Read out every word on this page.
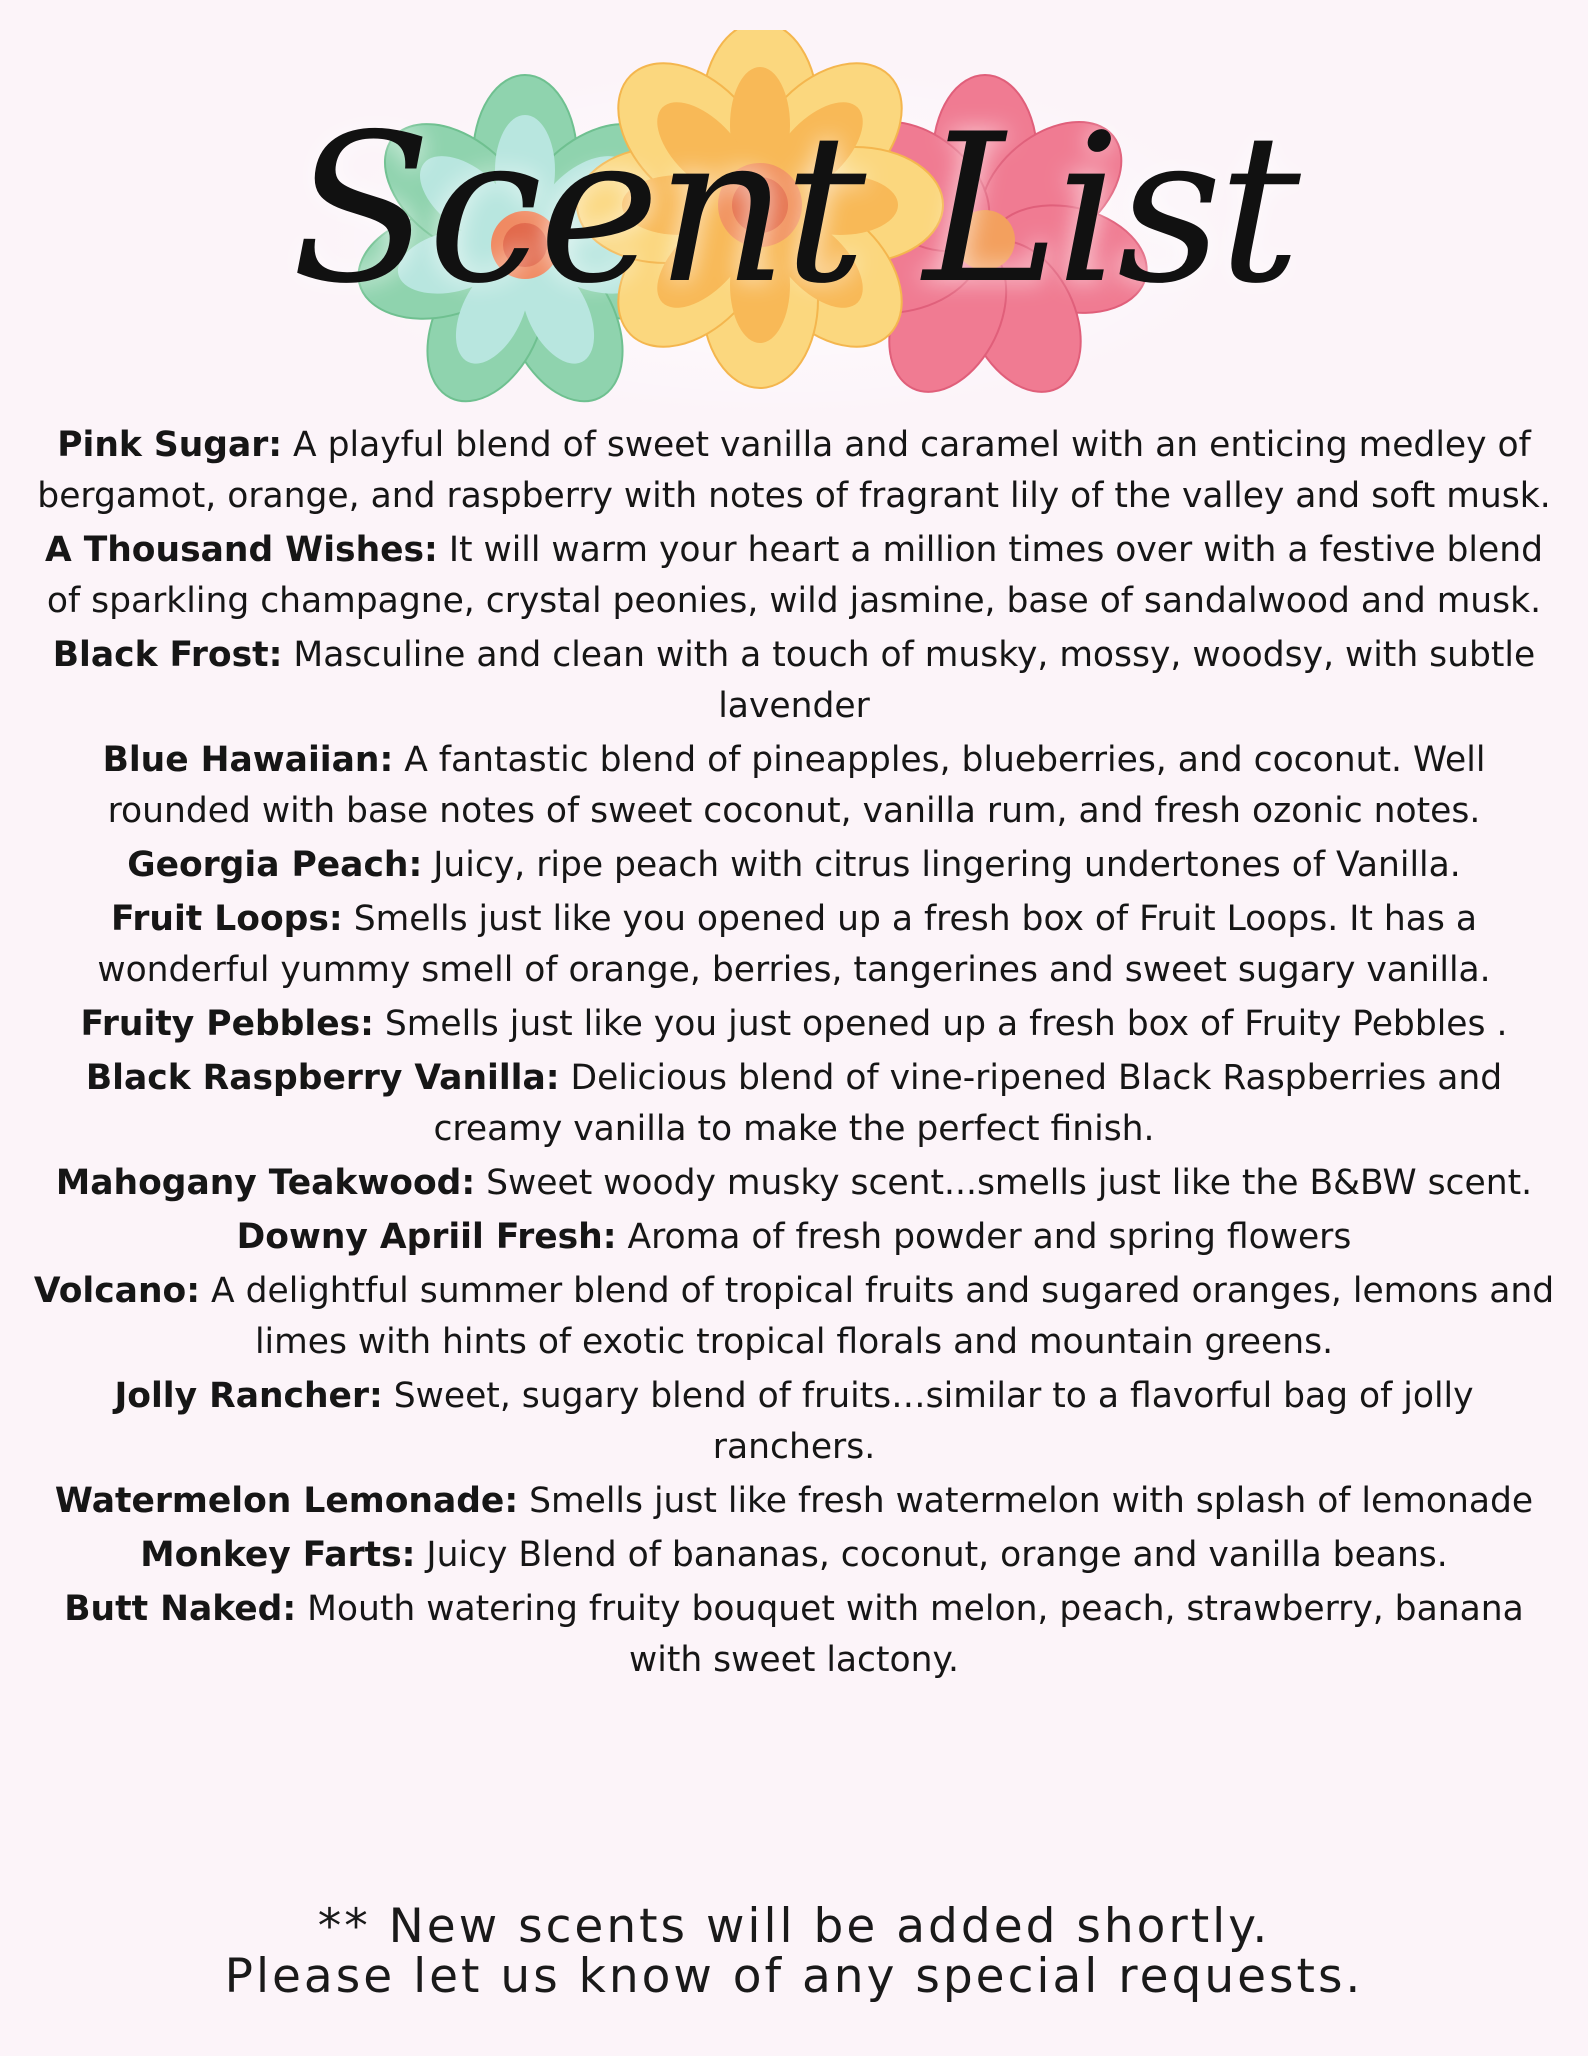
Scent List

Pink Sugar: A playful blend of sweet vanilla and caramel with an enticing medley of bergamot, orange, and raspberry with notes of fragrant lily of the valley and soft musk.

A Thousand Wishes: It will warm your heart a million times over with a festive blend of sparkling champagne, crystal peonies, wild jasmine, base of sandalwood and musk.

Black Frost: Masculine and clean with a touch of musky, mossy, woodsy, with subtle lavender

Blue Hawaiian: A fantastic blend of pineapples, blueberries, and coconut. Well rounded with base notes of sweet coconut, vanilla rum, and fresh ozonic notes.

Georgia Peach: Juicy, ripe peach with citrus lingering undertones of Vanilla.

Fruit Loops: Smells just like you opened up a fresh box of Fruit Loops. It has a wonderful yummy smell of orange, berries, tangerines and sweet sugary vanilla.

Fruity Pebbles: Smells just like you just opened up a fresh box of Fruity Pebbles .

Black Raspberry Vanilla: Delicious blend of vine-ripened Black Raspberries and creamy vanilla to make the perfect finish.

Mahogany Teakwood: Sweet woody musky scent...smells just like the B&BW scent.

Downy Apriil Fresh: Aroma of fresh powder and spring flowers

Volcano: A delightful summer blend of tropical fruits and sugared oranges, lemons and limes with hints of exotic tropical florals and mountain greens.

Jolly Rancher: Sweet, sugary blend of fruits…similar to a flavorful bag of jolly ranchers.

Watermelon Lemonade: Smells just like fresh watermelon with splash of lemonade

Monkey Farts: Juicy Blend of bananas, coconut, orange and vanilla beans.

Butt Naked: Mouth watering fruity bouquet with melon, peach, strawberry, banana with sweet lactony.

** New scents will be added shortly.
Please let us know of any special requests.
